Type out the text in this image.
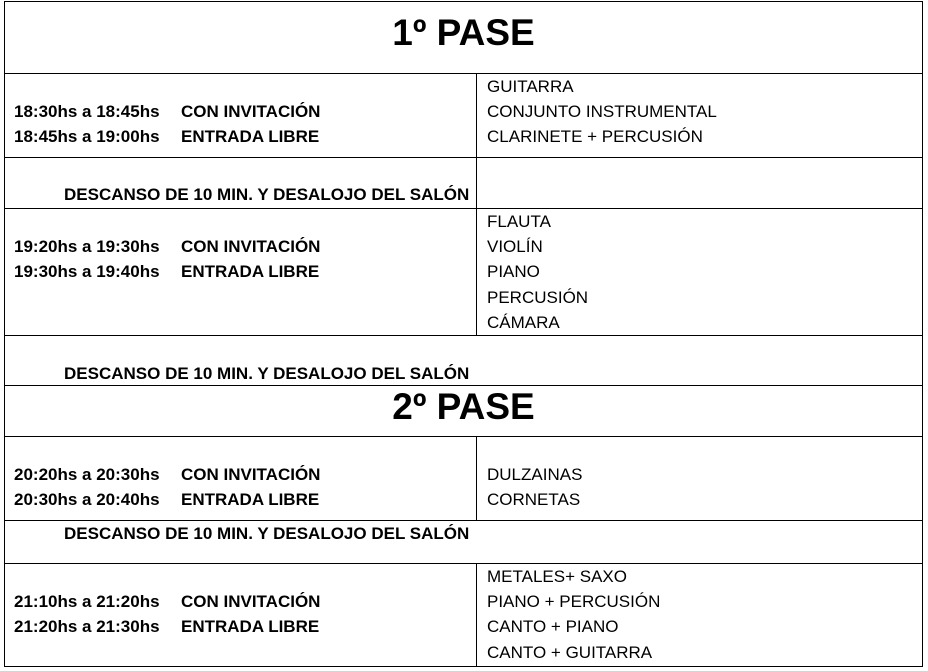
1º PASE
18:30hs a 18:45hs CON INVITACIÓN
18:45hs a 19:00hs ENTRADA LIBRE
GUITARRA
CONJUNTO INSTRUMENTAL
CLARINETE + PERCUSIÓN
DESCANSO DE 10 MIN. Y DESALOJO DEL SALÓN
19:20hs a 19:30hs CON INVITACIÓN
19:30hs a 19:40hs ENTRADA LIBRE
FLAUTA
VIOLÍN
PIANO
PERCUSIÓN
CÁMARA
DESCANSO DE 10 MIN. Y DESALOJO DEL SALÓN
2º PASE
20:20hs a 20:30hs CON INVITACIÓN
20:30hs a 20:40hs ENTRADA LIBRE
DULZAINAS
CORNETAS
DESCANSO DE 10 MIN. Y DESALOJO DEL SALÓN
21:10hs a 21:20hs CON INVITACIÓN
21:20hs a 21:30hs ENTRADA LIBRE
METALES+ SAXO
PIANO + PERCUSIÓN
CANTO + PIANO
CANTO + GUITARRA
